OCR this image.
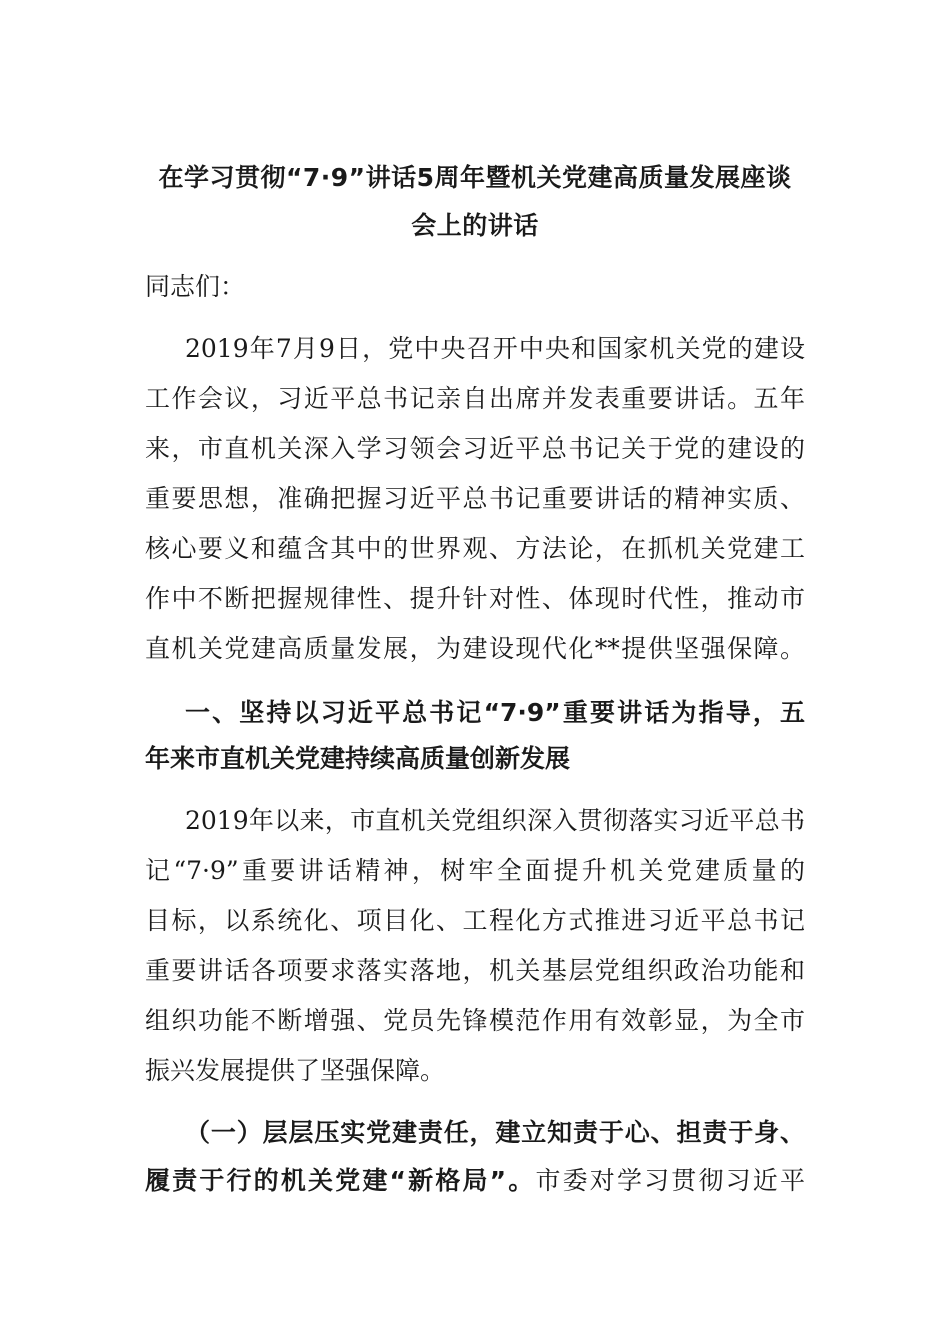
在学习贯彻“7·9”讲话5周年暨机关党建高质量发展座谈
会上的讲话
同志们：
2019年7月9日，党中央召开中央和国家机关党的建设
工作会议，习近平总书记亲自出席并发表重要讲话。五年
来，市直机关深入学习领会习近平总书记关于党的建设的
重要思想，准确把握习近平总书记重要讲话的精神实质、
核心要义和蕴含其中的世界观、方法论，在抓机关党建工
作中不断把握规律性、提升针对性、体现时代性，推动市
直机关党建高质量发展，为建设现代化**提供坚强保障。
一、坚持以习近平总书记“7·9”重要讲话为指导，五
年来市直机关党建持续高质量创新发展
2019年以来，市直机关党组织深入贯彻落实习近平总书
记“7·9”重要讲话精神，树牢全面提升机关党建质量的
目标，以系统化、项目化、工程化方式推进习近平总书记
重要讲话各项要求落实落地，机关基层党组织政治功能和
组织功能不断增强、党员先锋模范作用有效彰显，为全市
振兴发展提供了坚强保障。
（一）层层压实党建责任，建立知责于心、担责于身、
履责于行的机关党建“新格局”。市委对学习贯彻习近平
